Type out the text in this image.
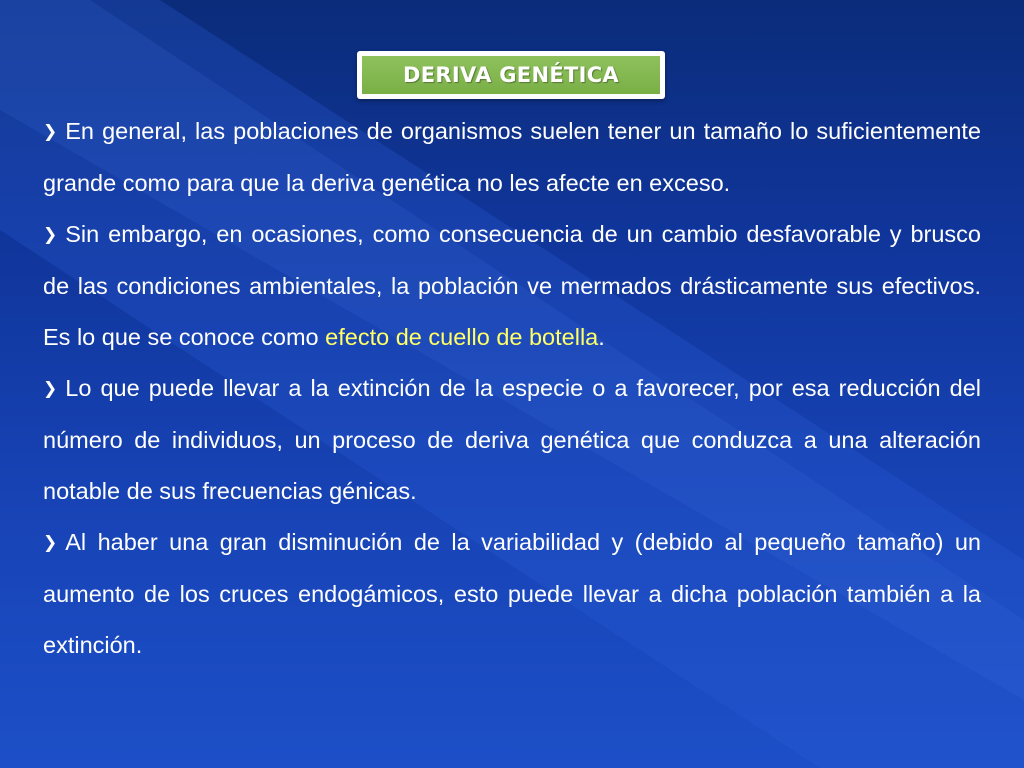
DERIVA GENÉTICA

❯ En general, las poblaciones de organismos suelen tener un tamaño lo suficientemente grande como para que la deriva genética no les afecte en exceso.

❯ Sin embargo, en ocasiones, como consecuencia de un cambio desfavorable y brusco de las condiciones ambientales, la población ve mermados drásticamente sus efectivos. Es lo que se conoce como efecto de cuello de botella.

❯ Lo que puede llevar a la extinción de la especie o a favorecer, por esa reducción del número de individuos, un proceso de deriva genética que conduzca a una alteración notable de sus frecuencias génicas.

❯ Al haber una gran disminución de la variabilidad y (debido al pequeño tamaño) un aumento de los cruces endogámicos, esto puede llevar a dicha población también a la extinción.
